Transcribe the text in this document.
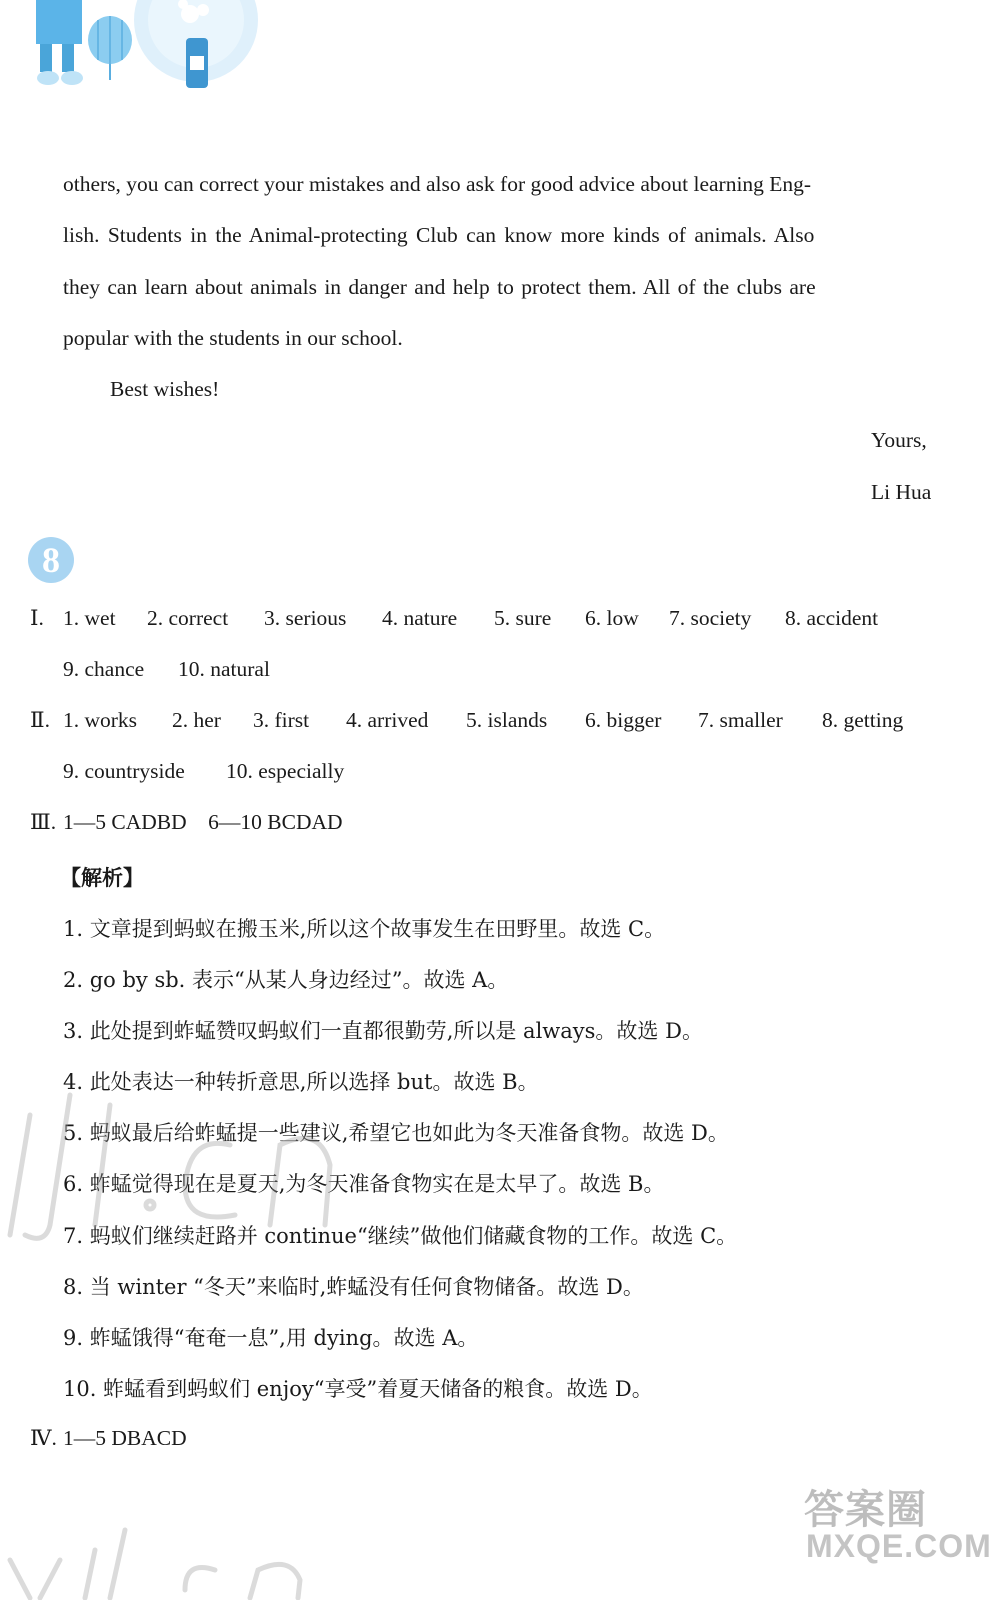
others, you can correct your mistakes and also ask for good advice about learning Eng-
lish. Students in the Animal-protecting Club can know more kinds of animals. Also
they can learn about animals in danger and help to protect them. All of the clubs are
popular with the students in our school.
Best wishes!
Yours,
Li Hua
8
Ⅰ. 1. wet 2. correct 3. serious 4. nature 5. sure 6. low 7. society 8. accident
9. chance 10. natural
Ⅱ. 1. works 2. her 3. first 4. arrived 5. islands 6. bigger 7. smaller 8. getting
9. countryside 10. especially
Ⅲ. 1—5 CADBD    6—10 BCDAD
【解析】
1. 文章提到蚂蚁在搬玉米,所以这个故事发生在田野里。故选 C。
2. go by sb. 表示“从某人身边经过”。故选 A。
3. 此处提到蚱蜢赞叹蚂蚁们一直都很勤劳,所以是 always。故选 D。
4. 此处表达一种转折意思,所以选择 but。故选 B。
5. 蚂蚁最后给蚱蜢提一些建议,希望它也如此为冬天准备食物。故选 D。
6. 蚱蜢觉得现在是夏天,为冬天准备食物实在是太早了。故选 B。
7. 蚂蚁们继续赶路并 continue“继续”做他们储藏食物的工作。故选 C。
8. 当 winter “冬天”来临时,蚱蜢没有任何食物储备。故选 D。
9. 蚱蜢饿得“奄奄一息”,用 dying。故选 A。
10. 蚱蜢看到蚂蚁们 enjoy“享受”着夏天储备的粮食。故选 D。
Ⅳ. 1—5 DBACD
答案圈
MXQE.COM
